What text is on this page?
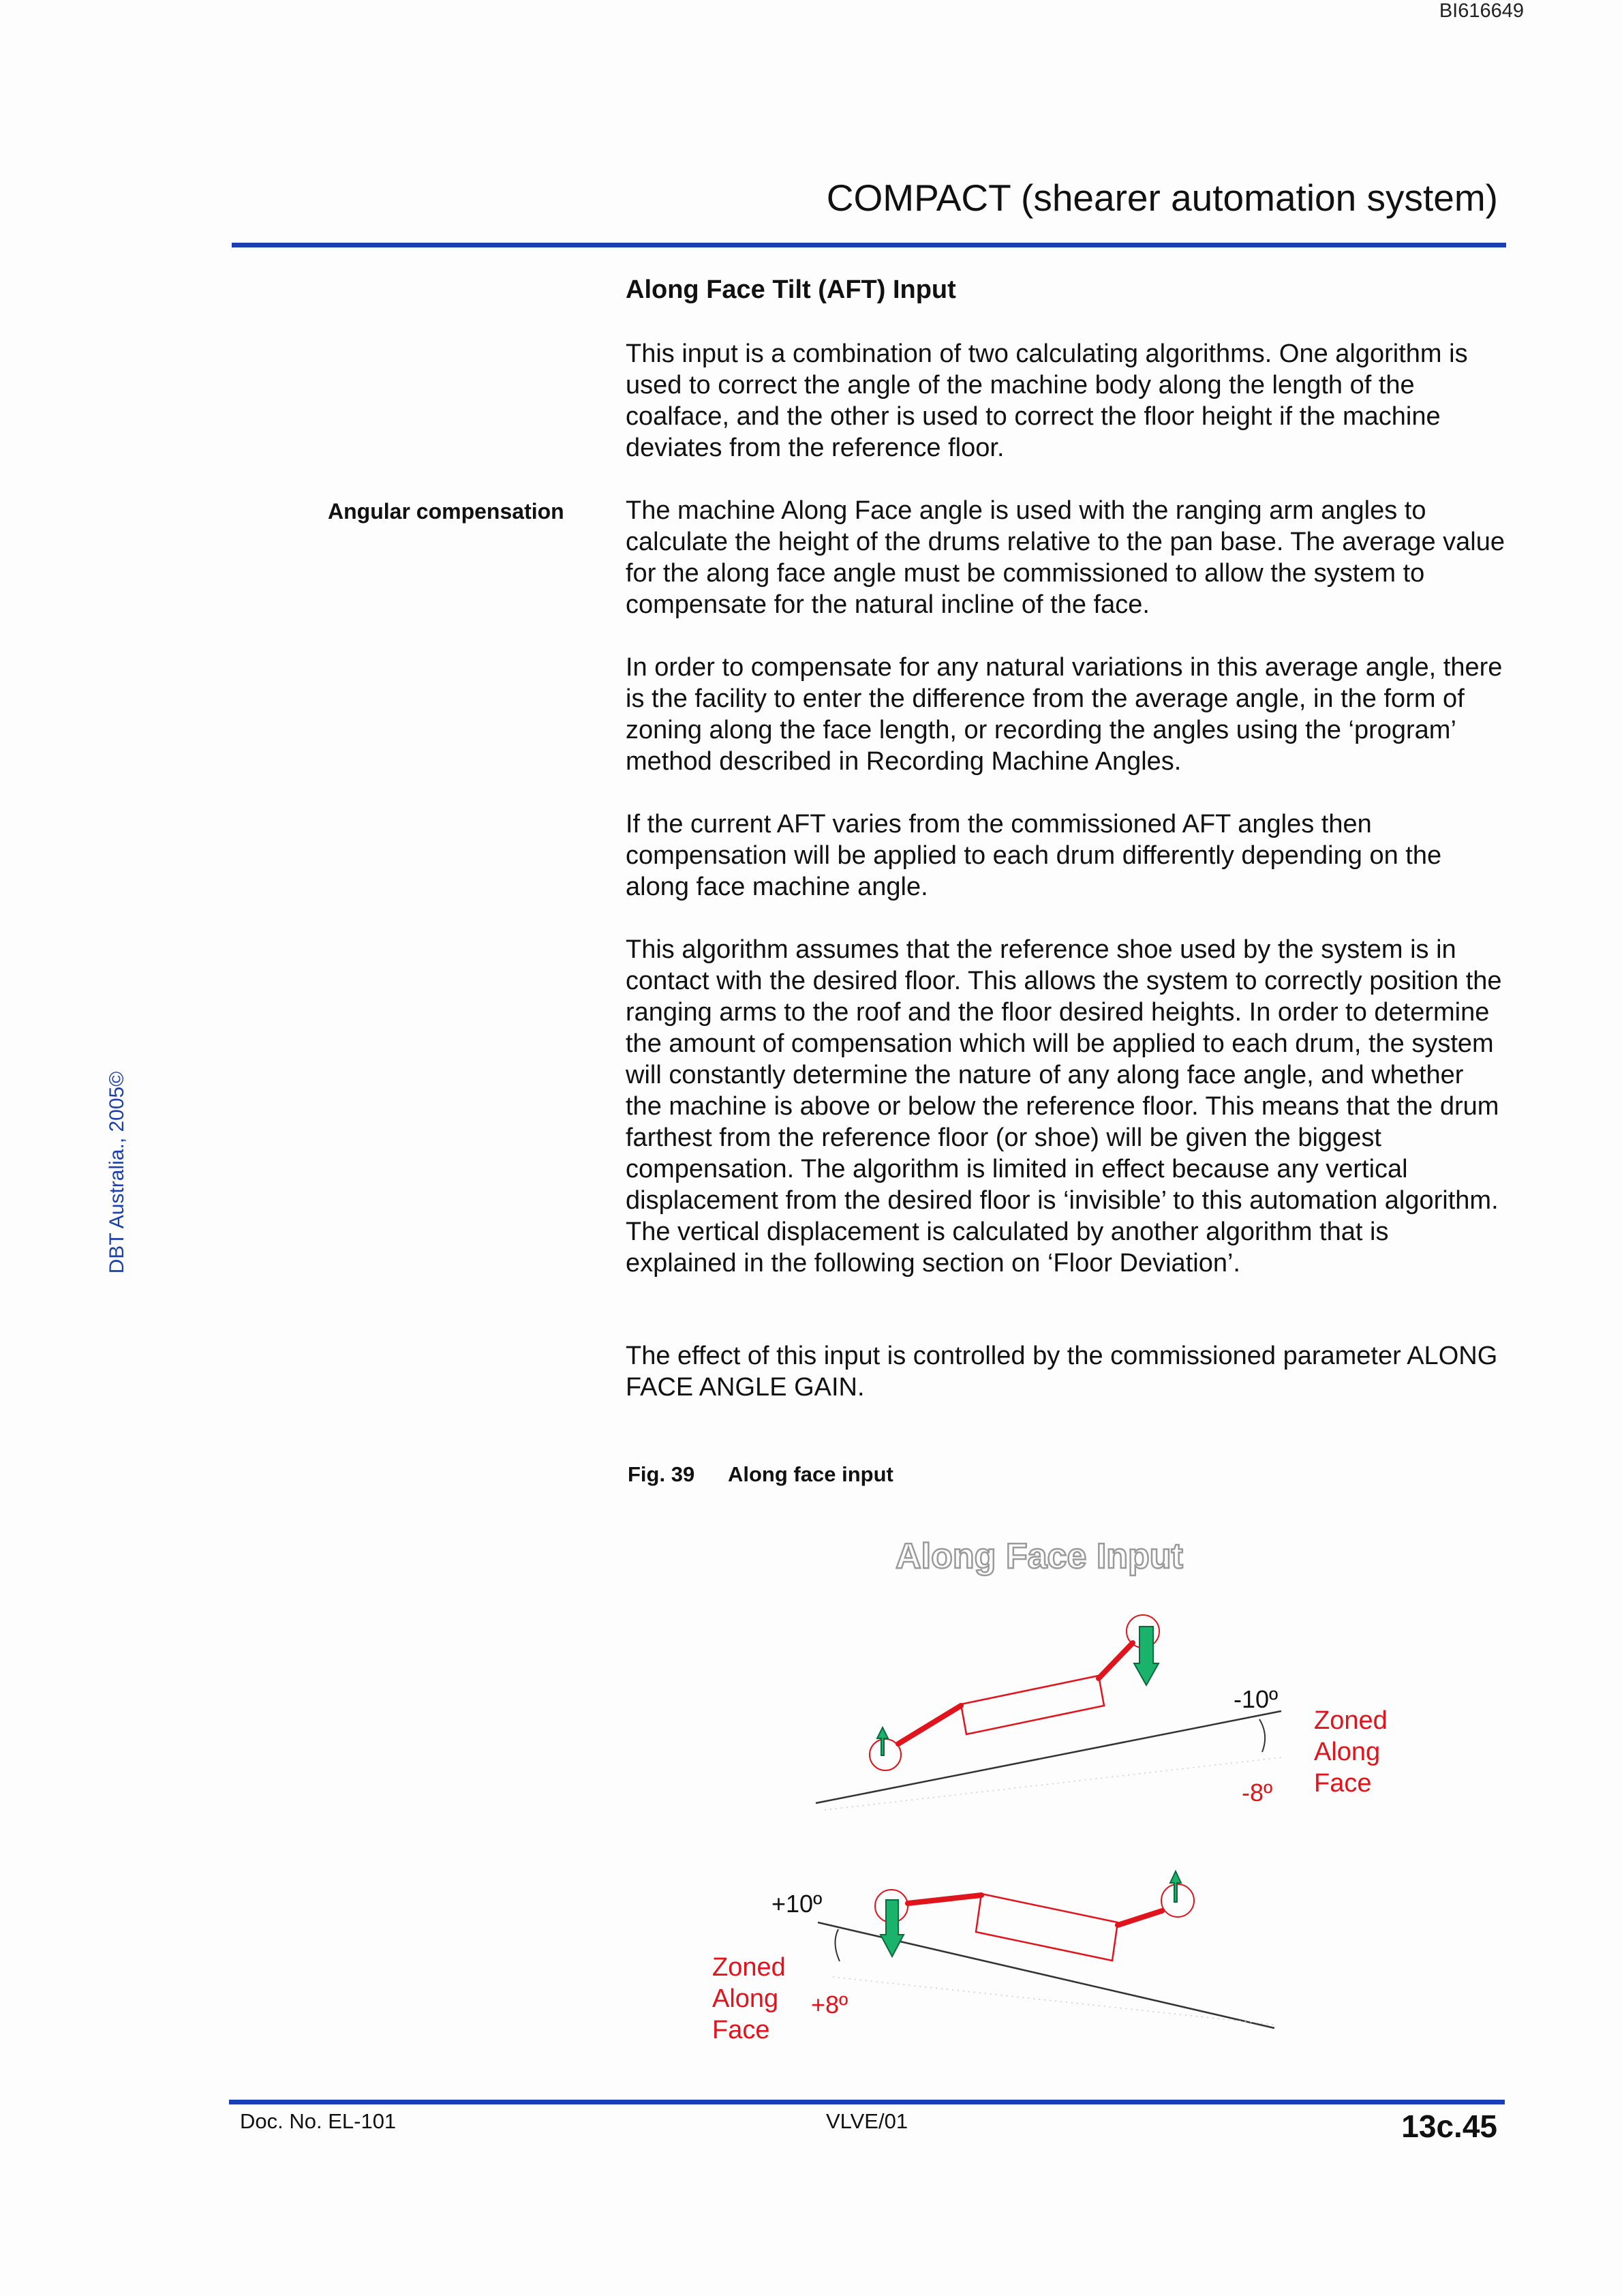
BI616649
COMPACT (shearer automation system)
DBT Australia., 2005©
Along Face Tilt (AFT) Input
Angular compensation

This input is a combination of two calculating algorithms. One algorithm is used to correct the angle of the machine body along the length of the coalface, and the other is used to correct the floor height if the machine deviates from the reference floor.

The machine Along Face angle is used with the ranging arm angles to calculate the height of the drums relative to the pan base. The average value for the along face angle must be commissioned to allow the system to compensate for the natural incline of the face.

In order to compensate for any natural variations in this average angle, there is the facility to enter the difference from the average angle, in the form of zoning along the face length, or recording the angles using the ‘program’ method described in Recording Machine Angles.

If the current AFT varies from the commissioned AFT angles then compensation will be applied to each drum differently depending on the along face machine angle.

This algorithm assumes that the reference shoe used by the system is in contact with the desired floor. This allows the system to correctly position the ranging arms to the roof and the floor desired heights. In order to determine the amount of compensation which will be applied to each drum, the system will constantly determine the nature of any along face angle, and whether the machine is above or below the reference floor. This means that the drum farthest from the reference floor (or shoe) will be given the biggest compensation. The algorithm is limited in effect because any vertical displacement from the desired floor is ‘invisible’ to this automation algorithm. The vertical displacement is calculated by another algorithm that is explained in the following section on ‘Floor Deviation’.

The effect of this input is controlled by the commissioned parameter ALONG FACE ANGLE GAIN.

Fig. 39 Along face input
Along Face Input
-10º
-8º
Zoned Along Face
+10º
+8º
Zoned Along Face
Doc. No. EL-101	VLVE/01	13c.45
